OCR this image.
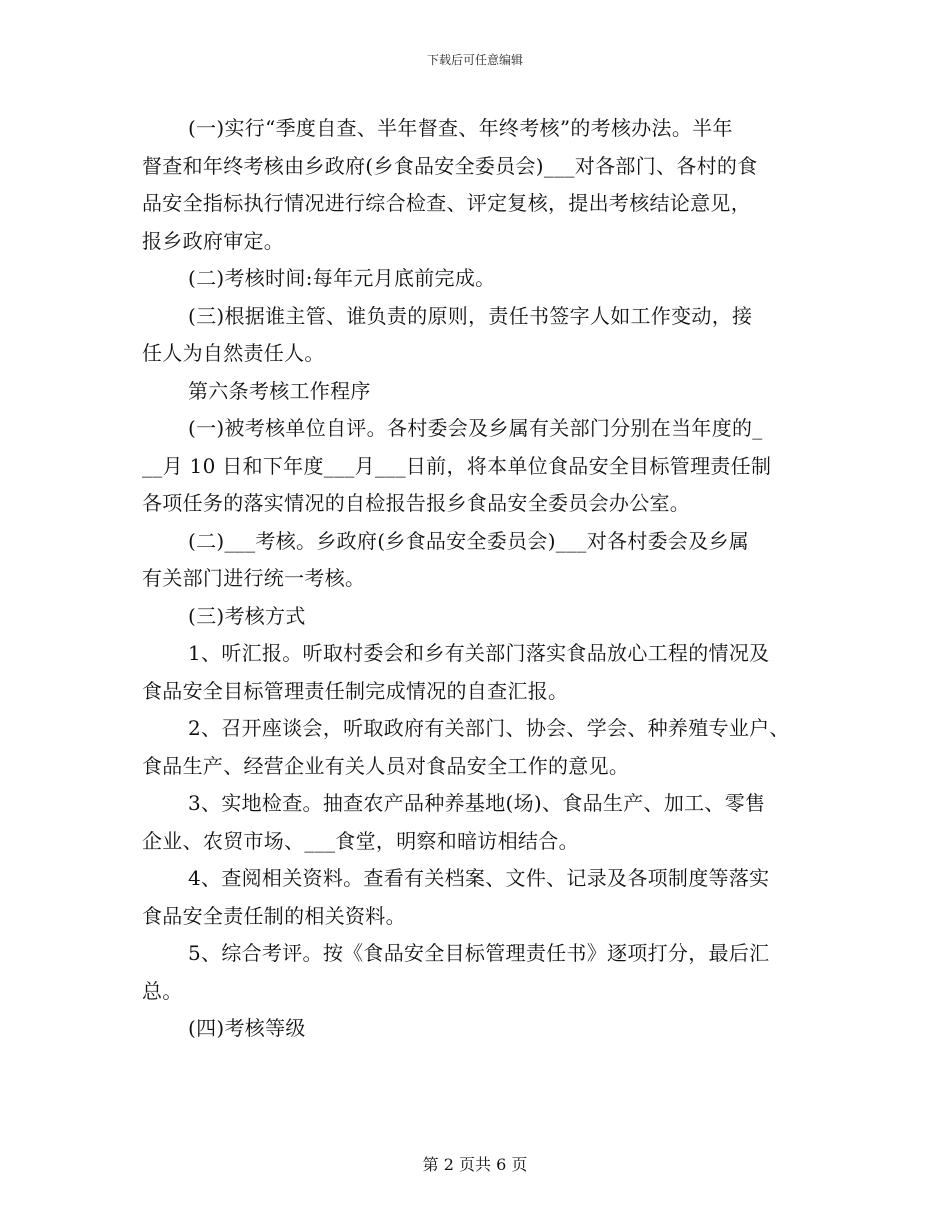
下载后可任意编辑
(一)实行“季度自查、半年督查、年终考核”的考核办法。半年
督查和年终考核由乡政府(乡食品安全委员会)___对各部门、各村的食
品安全指标执行情况进行综合检查、评定复核，提出考核结论意见，
报乡政府审定。
(二)考核时间:每年元月底前完成。
(三)根据谁主管、谁负责的原则，责任书签字人如工作变动，接
任人为自然责任人。
第六条考核工作程序
(一)被考核单位自评。各村委会及乡属有关部门分别在当年度的_
__月 10 日和下年度___月___日前，将本单位食品安全目标管理责任制
各项任务的落实情况的自检报告报乡食品安全委员会办公室。
(二)___考核。乡政府(乡食品安全委员会)___对各村委会及乡属
有关部门进行统一考核。
(三)考核方式
1、听汇报。听取村委会和乡有关部门落实食品放心工程的情况及
食品安全目标管理责任制完成情况的自查汇报。
2、召开座谈会，听取政府有关部门、协会、学会、种养殖专业户、
食品生产、经营企业有关人员对食品安全工作的意见。
3、实地检查。抽查农产品种养基地(场)、食品生产、加工、零售
企业、农贸市场、___食堂，明察和暗访相结合。
4、查阅相关资料。查看有关档案、文件、记录及各项制度等落实
食品安全责任制的相关资料。
5、综合考评。按《食品安全目标管理责任书》逐项打分，最后汇
总。
(四)考核等级
第 2 页共 6 页
